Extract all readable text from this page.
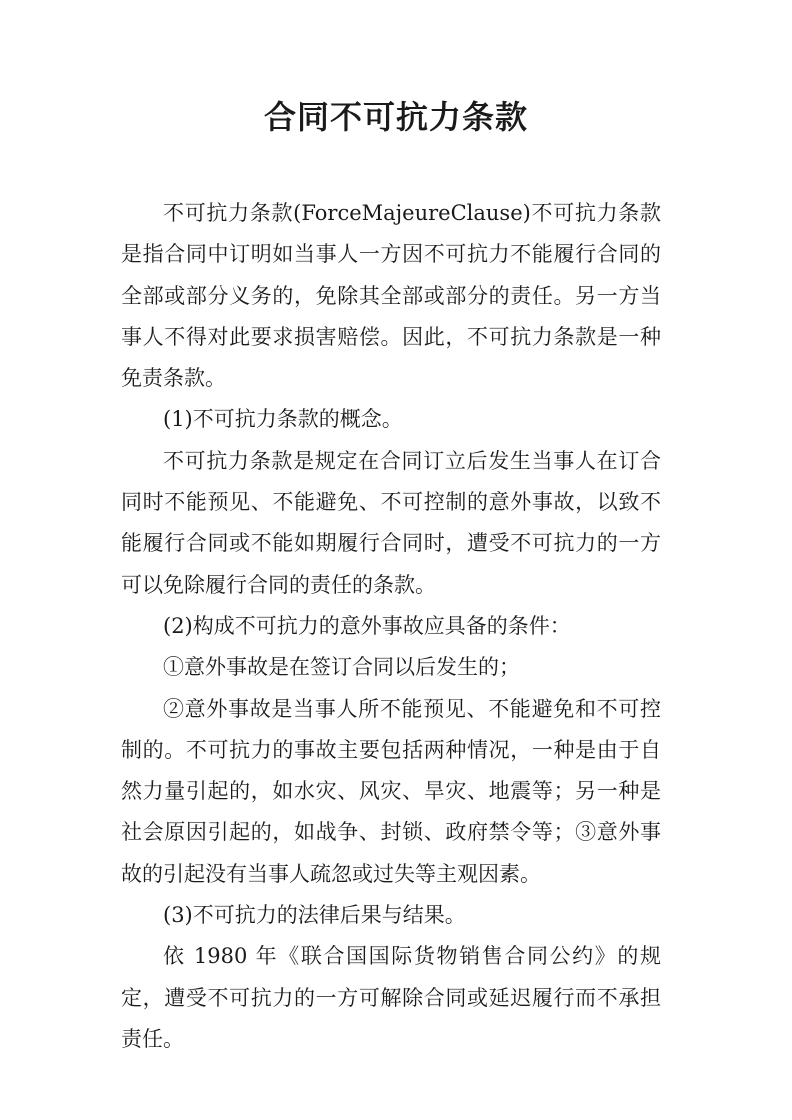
合同不可抗力条款

不可抗力条款(ForceMajeureClause)不可抗力条款是指合同中订明如当事人一方因不可抗力不能履行合同的全部或部分义务的，免除其全部或部分的责任。另一方当事人不得对此要求损害赔偿。因此，不可抗力条款是一种免责条款。

(1)不可抗力条款的概念。

不可抗力条款是规定在合同订立后发生当事人在订合同时不能预见、不能避免、不可控制的意外事故，以致不能履行合同或不能如期履行合同时，遭受不可抗力的一方可以免除履行合同的责任的条款。

(2)构成不可抗力的意外事故应具备的条件：

①意外事故是在签订合同以后发生的；

②意外事故是当事人所不能预见、不能避免和不可控制的。不可抗力的事故主要包括两种情况，一种是由于自然力量引起的，如水灾、风灾、旱灾、地震等；另一种是社会原因引起的，如战争、封锁、政府禁令等；③意外事故的引起没有当事人疏忽或过失等主观因素。

(3)不可抗力的法律后果与结果。

依 1980 年《联合国国际货物销售合同公约》的规定，遭受不可抗力的一方可解除合同或延迟履行而不承担责任。
